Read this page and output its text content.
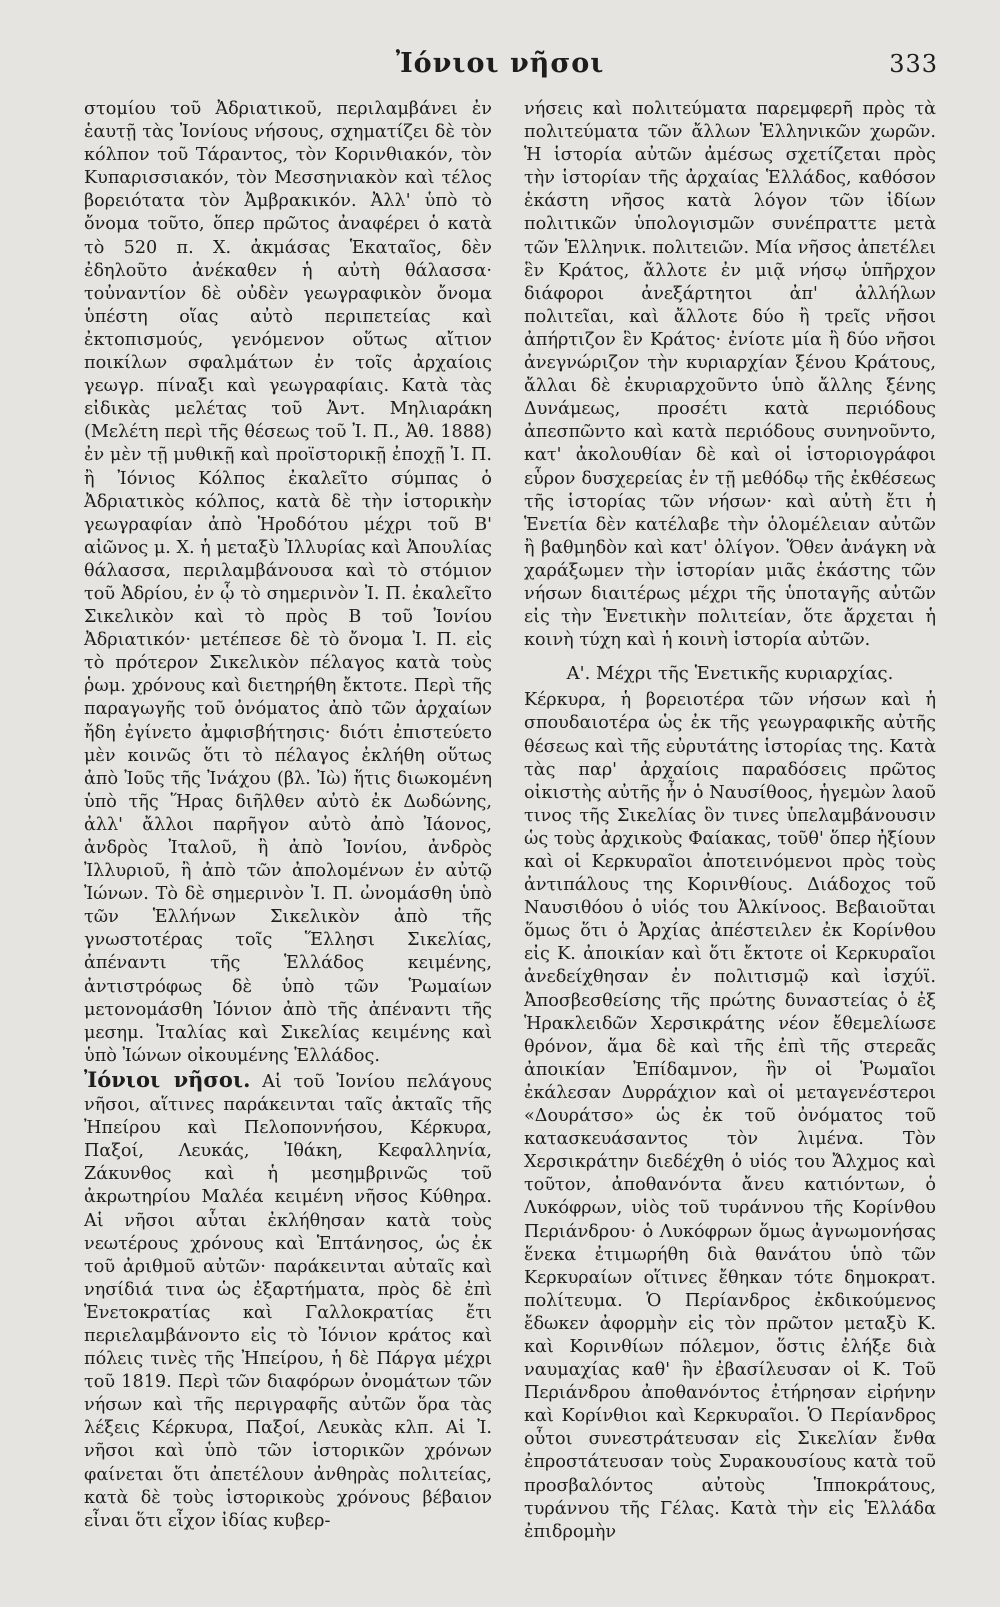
Ἰόνιοι νῆσοι	333

στομίου τοῦ Ἀδριατικοῦ, περιλαμβάνει ἐν ἑαυτῇ τὰς Ἰονίους νήσους, σχηματίζει δὲ τὸν κόλπον τοῦ Τάραντος, τὸν Κορινθιακόν, τὸν Κυπαρισσιακόν, τὸν Μεσσηνιακὸν καὶ τέλος βορειότατα τὸν Ἀμβρακικόν. Ἀλλ' ὑπὸ τὸ ὄνομα τοῦτο, ὅπερ πρῶτος ἀναφέρει ὁ κατὰ τὸ 520 π. Χ. ἀκμάσας Ἑκαταῖος, δὲν ἐδηλοῦτο ἀνέκαθεν ἡ αὐτὴ θάλασσα· τοὐναντίον δὲ οὐδὲν γεωγραφικὸν ὄνομα ὑπέστη οἵας αὐτὸ περιπετείας καὶ ἐκτοπισμούς, γενόμενον οὕτως αἴτιον ποικίλων σφαλμάτων ἐν τοῖς ἀρχαίοις γεωγρ. πίναξι καὶ γεωγραφίαις. Κατὰ τὰς εἰδικὰς μελέτας τοῦ Ἀντ. Μηλιαράκη (Μελέτη περὶ τῆς θέσεως τοῦ Ἰ. Π., Ἀθ. 1888) ἐν μὲν τῇ μυθικῇ καὶ προϊστορικῇ ἐποχῇ Ἰ. Π. ἢ Ἰόνιος Κόλπος ἐκαλεῖτο σύμπας ὁ Ἀδριατικὸς κόλπος, κατὰ δὲ τὴν ἱστορικὴν γεωγραφίαν ἀπὸ Ἡροδότου μέχρι τοῦ Β' αἰῶνος μ. Χ. ἡ μεταξὺ Ἰλλυρίας καὶ Ἀπουλίας θάλασσα, περιλαμβάνουσα καὶ τὸ στόμιον τοῦ Ἀδρίου, ἐν ᾧ τὸ σημερινὸν Ἰ. Π. ἐκαλεῖτο Σικελικὸν καὶ τὸ πρὸς Β τοῦ Ἰονίου Ἀδριατικόν· μετέπεσε δὲ τὸ ὄνομα Ἰ. Π. εἰς τὸ πρότερον Σικελικὸν πέλαγος κατὰ τοὺς ῥωμ. χρόνους καὶ διετηρήθη ἔκτοτε. Περὶ τῆς παραγωγῆς τοῦ ὀνόματος ἀπὸ τῶν ἀρχαίων ἤδη ἐγίνετο ἀμφισβήτησις· διότι ἐπιστεύετο μὲν κοινῶς ὅτι τὸ πέλαγος ἐκλήθη οὕτως ἀπὸ Ἰοῦς τῆς Ἰνάχου (βλ. Ἰὼ) ἥτις διωκομένη ὑπὸ τῆς Ἥρας διῆλθεν αὐτὸ ἐκ Δωδώνης, ἀλλ' ἄλλοι παρῆγον αὐτὸ ἀπὸ Ἰάονος, ἀνδρὸς Ἰταλοῦ, ἢ ἀπὸ Ἰονίου, ἀνδρὸς Ἰλλυριοῦ, ἢ ἀπὸ τῶν ἀπολομένων ἐν αὐτῷ Ἰώνων. Τὸ δὲ σημερινὸν Ἰ. Π. ὠνομάσθη ὑπὸ τῶν Ἑλλήνων Σικελικὸν ἀπὸ τῆς γνωστοτέρας τοῖς Ἕλλησι Σικελίας, ἀπέναντι τῆς Ἑλλάδος κειμένης, ἀντιστρόφως δὲ ὑπὸ τῶν Ῥωμαίων μετονομάσθη Ἰόνιον ἀπὸ τῆς ἀπέναντι τῆς μεσημ. Ἰταλίας καὶ Σικελίας κειμένης καὶ ὑπὸ Ἰώνων οἰκουμένης Ἑλλάδος.

Ἰόνιοι νῆσοι. Αἱ τοῦ Ἰονίου πελάγους νῆσοι, αἵτινες παράκεινται ταῖς ἀκταῖς τῆς Ἠπείρου καὶ Πελοποννήσου, Κέρκυρα, Παξοί, Λευκάς, Ἰθάκη, Κεφαλληνία, Ζάκυνθος καὶ ἡ μεσημβρινῶς τοῦ ἀκρωτηρίου Μαλέα κειμένη νῆσος Κύθηρα. Αἱ νῆσοι αὗται ἐκλήθησαν κατὰ τοὺς νεωτέρους χρόνους καὶ Ἑπτάνησος, ὡς ἐκ τοῦ ἀριθμοῦ αὐτῶν· παράκεινται αὐταῖς καὶ νησίδιά τινα ὡς ἐξαρτήματα, πρὸς δὲ ἐπὶ Ἑνετοκρατίας καὶ Γαλλοκρατίας ἔτι περιελαμβάνοντο εἰς τὸ Ἰόνιον κράτος καὶ πόλεις τινὲς τῆς Ἠπείρου, ἡ δὲ Πάργα μέχρι τοῦ 1819. Περὶ τῶν διαφόρων ὀνομάτων τῶν νήσων καὶ τῆς περιγραφῆς αὐτῶν ὅρα τὰς λέξεις Κέρκυρα, Παξοί, Λευκὰς κλπ. Αἱ Ἰ. νῆσοι καὶ ὑπὸ τῶν ἱστορικῶν χρόνων φαίνεται ὅτι ἀπετέλουν ἀνθηρὰς πολιτείας, κατὰ δὲ τοὺς ἱστορικοὺς χρόνους βέβαιον εἶναι ὅτι εἶχον ἰδίας κυβερ-

νήσεις καὶ πολιτεύματα παρεμφερῆ πρὸς τὰ πολιτεύματα τῶν ἄλλων Ἑλληνικῶν χωρῶν. Ἡ ἱστορία αὐτῶν ἀμέσως σχετίζεται πρὸς τὴν ἱστορίαν τῆς ἀρχαίας Ἑλλάδος, καθόσον ἑκάστη νῆσος κατὰ λόγον τῶν ἰδίων πολιτικῶν ὑπολογισμῶν συνέπραττε μετὰ τῶν Ἑλληνικ. πολιτειῶν. Μία νῆσος ἀπετέλει ἓν Κράτος, ἄλλοτε ἐν μιᾷ νήσῳ ὑπῆρχον διάφοροι ἀνεξάρτητοι ἀπ' ἀλλήλων πολιτεῖαι, καὶ ἄλλοτε δύο ἢ τρεῖς νῆσοι ἀπήρτιζον ἓν Κράτος· ἐνίοτε μία ἢ δύο νῆσοι ἀνεγνώριζον τὴν κυριαρχίαν ξένου Κράτους, ἄλλαι δὲ ἐκυριαρχοῦντο ὑπὸ ἄλλης ξένης Δυνάμεως, προσέτι κατὰ περιόδους ἀπεσπῶντο καὶ κατὰ περιόδους συνηνοῦντο, κατ' ἀκολουθίαν δὲ καὶ οἱ ἱστοριογράφοι εὗρον δυσχερείας ἐν τῇ μεθόδῳ τῆς ἐκθέσεως τῆς ἱστορίας τῶν νήσων· καὶ αὐτὴ ἔτι ἡ Ἑνετία δὲν κατέλαβε τὴν ὁλομέλειαν αὐτῶν ἢ βαθμηδὸν καὶ κατ' ὀλίγον. Ὅθεν ἀνάγκη νὰ χαράξωμεν τὴν ἱστορίαν μιᾶς ἑκάστης τῶν νήσων διαιτέρως μέχρι τῆς ὑποταγῆς αὐτῶν εἰς τὴν Ἑνετικὴν πολιτείαν, ὅτε ἄρχεται ἡ κοινὴ τύχη καὶ ἡ κοινὴ ἱστορία αὐτῶν.

Α'. Μέχρι τῆς Ἑνετικῆς κυριαρχίας.

Κέρκυρα, ἡ βορειοτέρα τῶν νήσων καὶ ἡ σπουδαιοτέρα ὡς ἐκ τῆς γεωγραφικῆς αὐτῆς θέσεως καὶ τῆς εὐρυτάτης ἱστορίας της. Κατὰ τὰς παρ' ἀρχαίοις παραδόσεις πρῶτος οἰκιστὴς αὐτῆς ἦν ὁ Ναυσίθοος, ἡγεμὼν λαοῦ τινος τῆς Σικελίας ὃν τινες ὑπελαμβάνουσιν ὡς τοὺς ἀρχικοὺς Φαίακας, τοῦθ' ὅπερ ἠξίουν καὶ οἱ Κερκυραῖοι ἀποτεινόμενοι πρὸς τοὺς ἀντιπάλους της Κορινθίους. Διάδοχος τοῦ Ναυσιθόου ὁ υἱός του Ἀλκίνοος. Βεβαιοῦται ὅμως ὅτι ὁ Ἀρχίας ἀπέστειλεν ἐκ Κορίνθου εἰς Κ. ἀποικίαν καὶ ὅτι ἔκτοτε οἱ Κερκυραῖοι ἀνεδείχθησαν ἐν πολιτισμῷ καὶ ἰσχύϊ. Ἀποσβεσθείσης τῆς πρώτης δυναστείας ὁ ἐξ Ἡρακλειδῶν Χερσικράτης νέον ἔθεμελίωσε θρόνον, ἅμα δὲ καὶ τῆς ἐπὶ τῆς στερεᾶς ἀποικίαν Ἐπίδαμνον, ἣν οἱ Ῥωμαῖοι ἐκάλεσαν Δυρράχιον καὶ οἱ μεταγενέστεροι «Δουράτσο» ὡς ἐκ τοῦ ὀνόματος τοῦ κατασκευάσαντος τὸν λιμένα. Τὸν Χερσικράτην διεδέχθη ὁ υἱός του Ἄλχμος καὶ τοῦτον, ἀποθανόντα ἄνευ κατιόντων, ὁ Λυκόφρων, υἱὸς τοῦ τυράννου τῆς Κορίνθου Περιάνδρου· ὁ Λυκόφρων ὅμως ἀγνωμονήσας ἕνεκα ἐτιμωρήθη διὰ θανάτου ὑπὸ τῶν Κερκυραίων οἵτινες ἔθηκαν τότε δημοκρατ. πολίτευμα. Ὁ Περίανδρος ἐκδικούμενος ἔδωκεν ἀφορμὴν εἰς τὸν πρῶτον μεταξὺ Κ. καὶ Κορινθίων πόλεμον, ὅστις ἐλήξε διὰ ναυμαχίας καθ' ἣν ἐβασίλευσαν οἱ Κ. Τοῦ Περιάνδρου ἀποθανόντος ἐτήρησαν εἰρήνην καὶ Κορίνθιοι καὶ Κερκυραῖοι. Ὁ Περίανδρος οὗτοι συνεστράτευσαν εἰς Σικελίαν ἔνθα ἐπροστάτευσαν τοὺς Συρακουσίους κατὰ τοῦ προσβαλόντος αὐτοὺς Ἱπποκράτους, τυράννου τῆς Γέλας. Κατὰ τὴν εἰς Ἑλλάδα ἐπιδρομὴν
